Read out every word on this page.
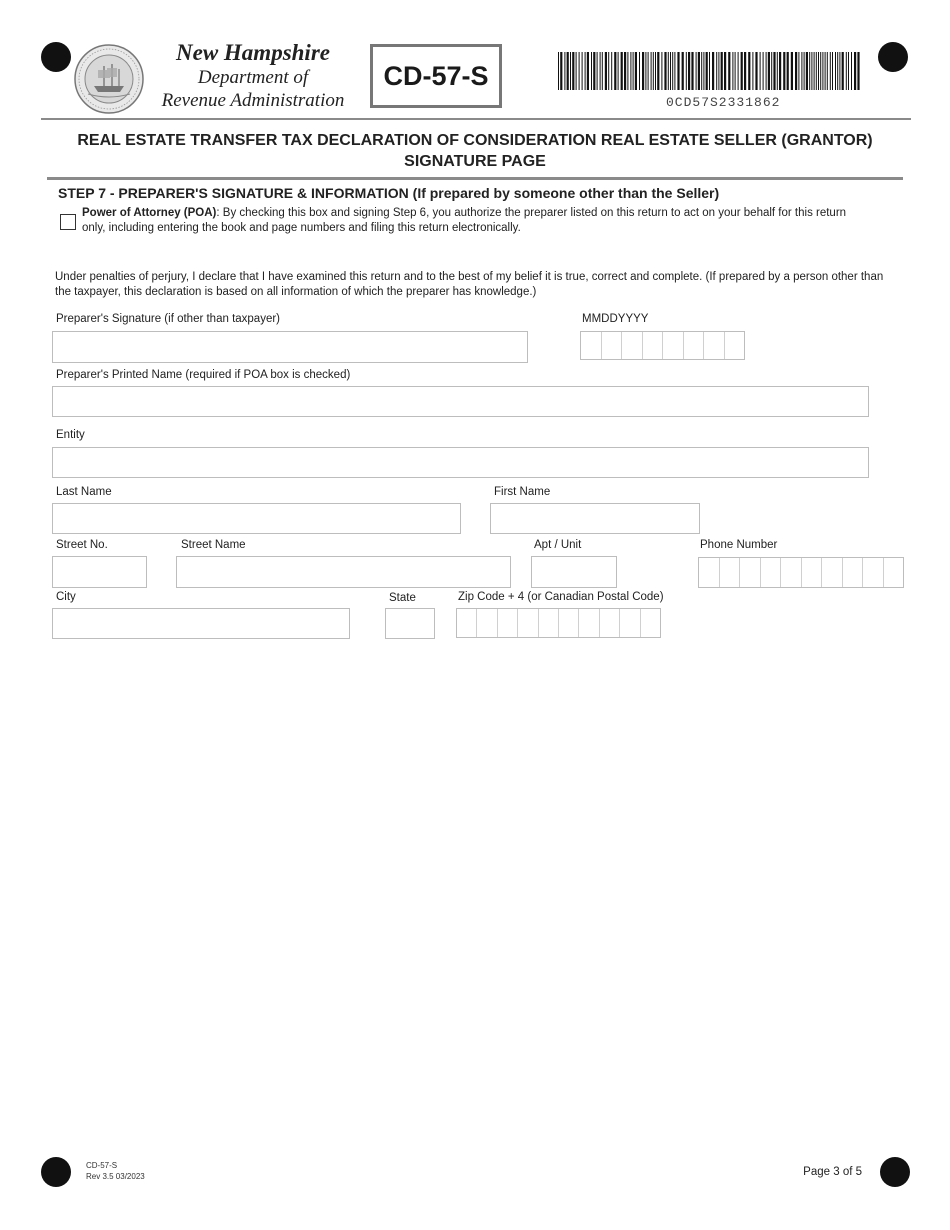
New Hampshire
Department of
Revenue Administration
CD-57-S
0CD57S2331862
REAL ESTATE TRANSFER TAX DECLARATION OF CONSIDERATION REAL ESTATE SELLER (GRANTOR)
SIGNATURE PAGE
STEP 7 - PREPARER'S SIGNATURE & INFORMATION (If prepared by someone other than the Seller)
Power of Attorney (POA): By checking this box and signing Step 6, you authorize the preparer listed on this return to act on your behalf for this return only, including entering the book and page numbers and filing this return electronically.
Under penalties of perjury, I declare that I have examined this return and to the best of my belief it is true, correct and complete. (If prepared by a person other than the taxpayer, this declaration is based on all information of which the preparer has knowledge.)
Preparer's Signature (if other than taxpayer)	MMDDYYYY
Preparer's Printed Name (required if POA box is checked)
Entity
Last Name	First Name
Street No.	Street Name	Apt / Unit	Phone Number
City	State	Zip Code + 4 (or Canadian Postal Code)
CD-57-S
Rev 3.5 03/2023	Page 3 of 5
